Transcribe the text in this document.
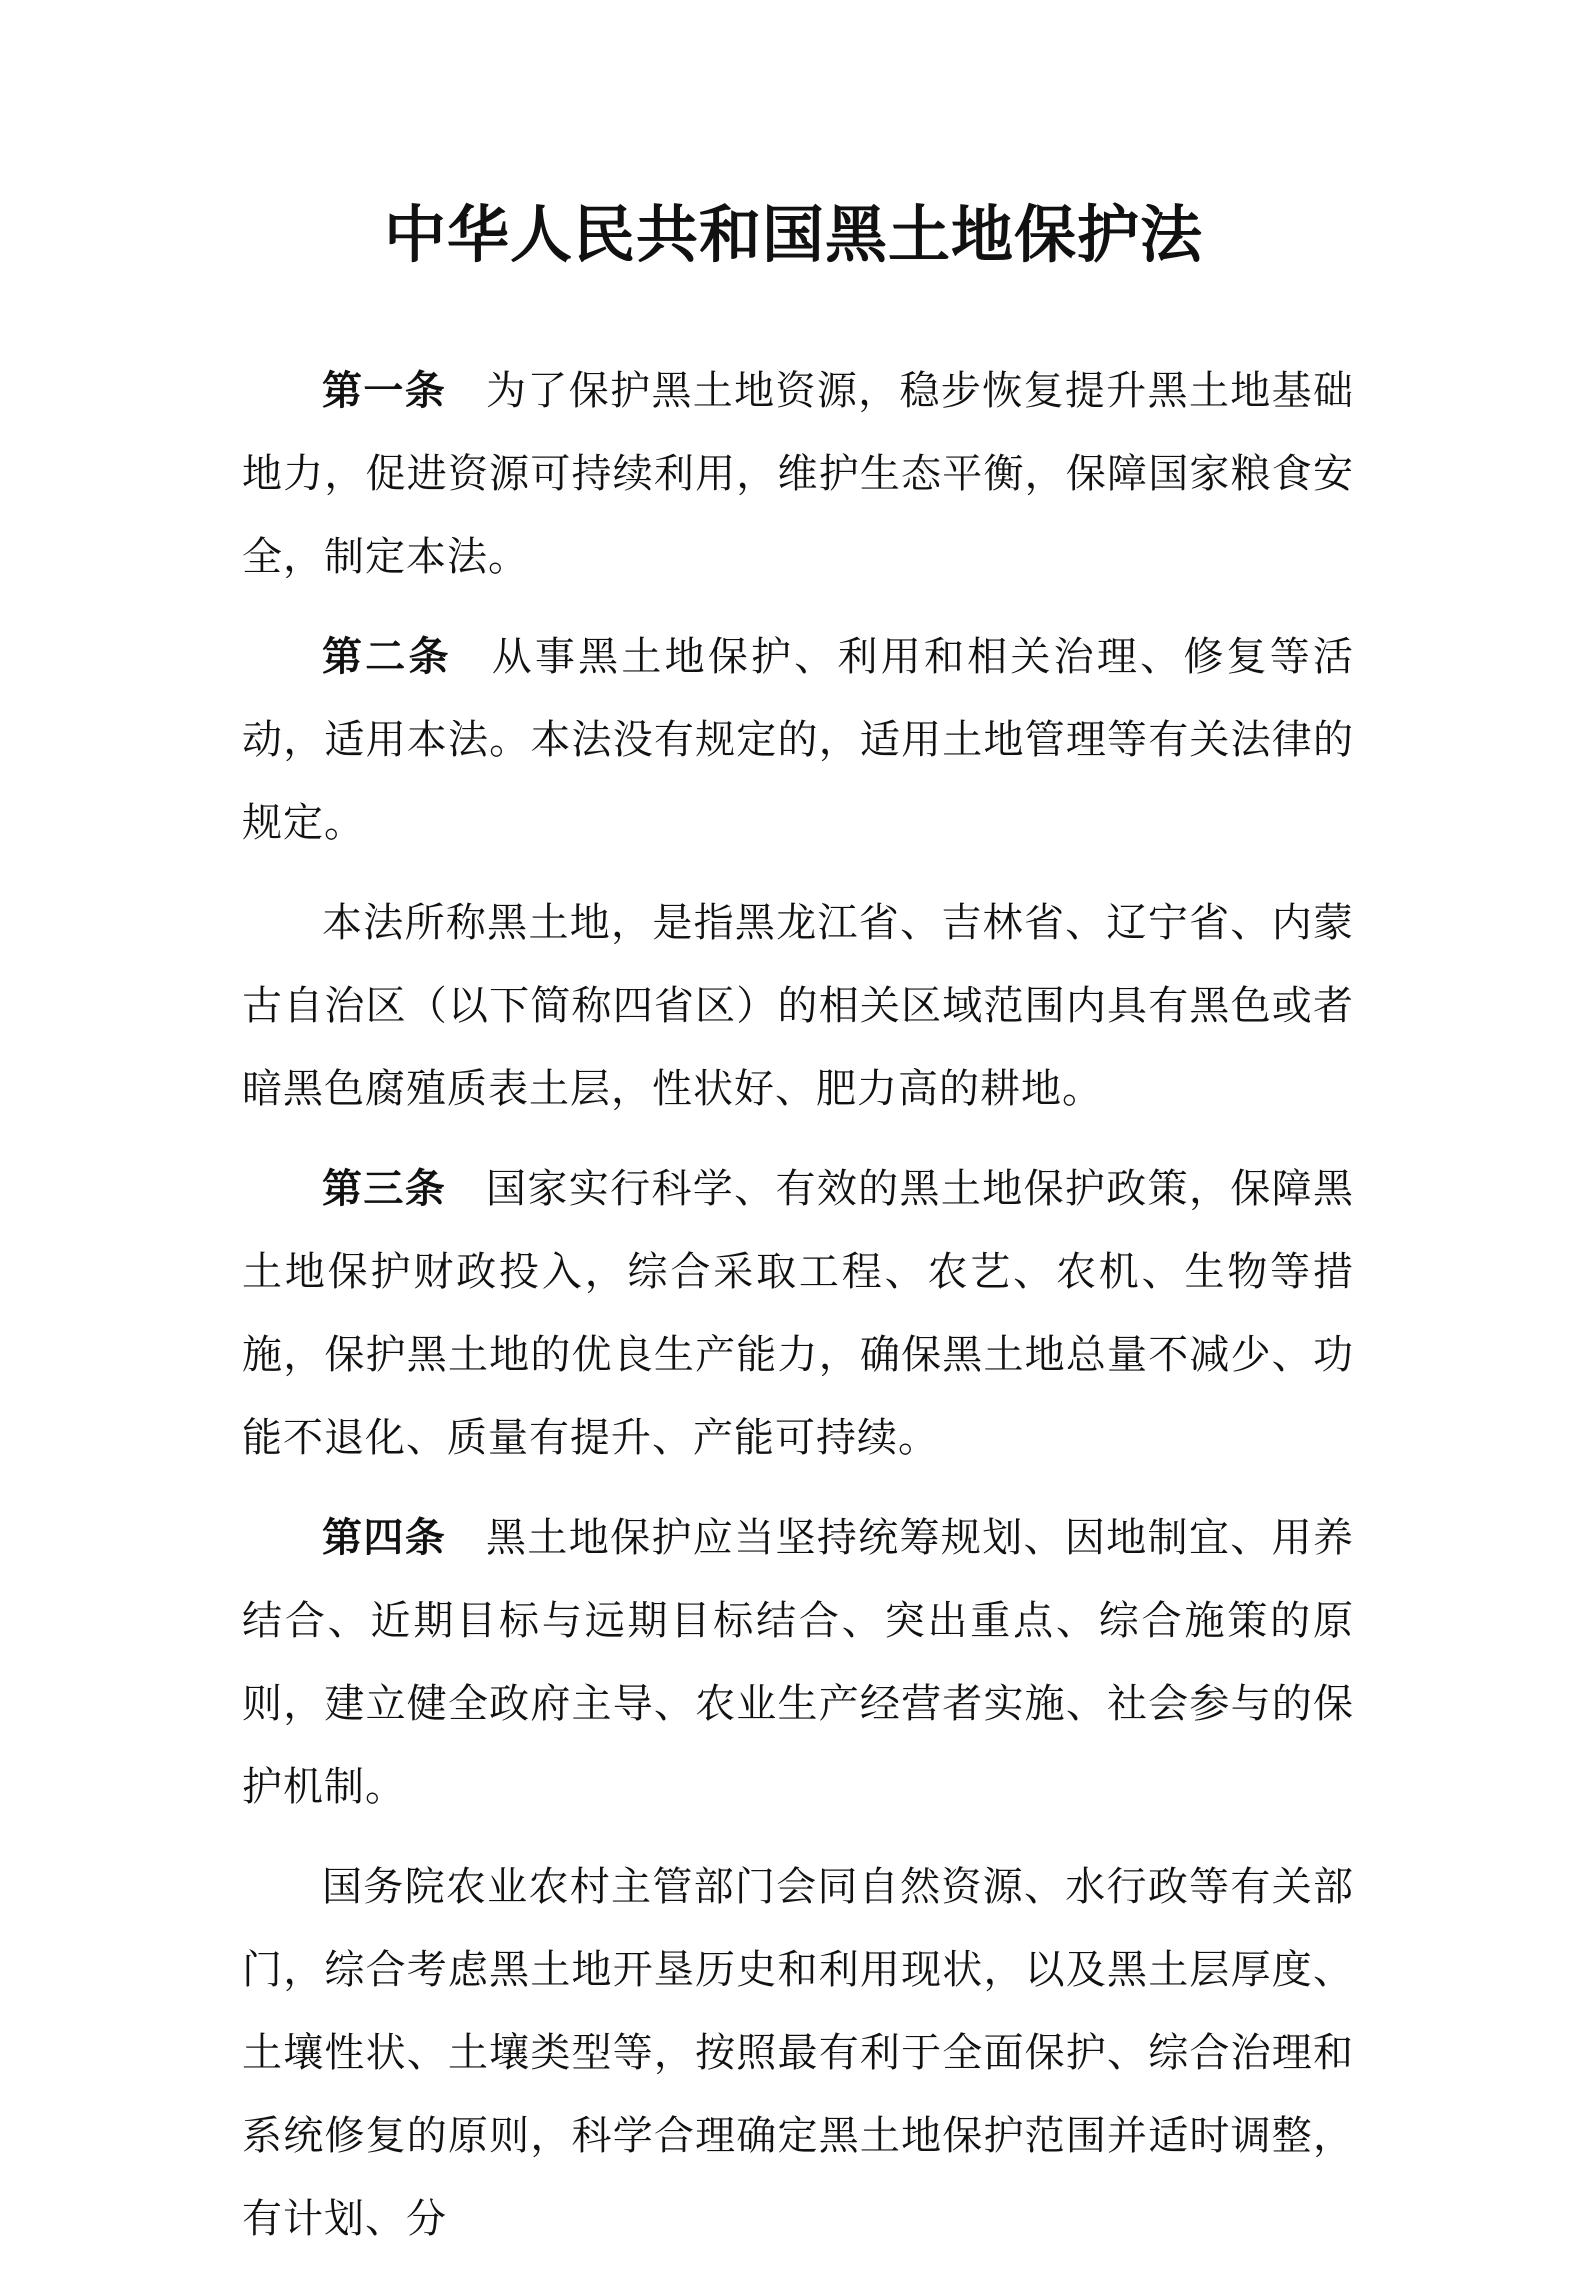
中华人民共和国黑土地保护法

第一条 为了保护黑土地资源，稳步恢复提升黑土地基础地力，促进资源可持续利用，维护生态平衡，保障国家粮食安全，制定本法。

第二条 从事黑土地保护、利用和相关治理、修复等活动，适用本法。本法没有规定的，适用土地管理等有关法律的规定。

本法所称黑土地，是指黑龙江省、吉林省、辽宁省、内蒙古自治区（以下简称四省区）的相关区域范围内具有黑色或者暗黑色腐殖质表土层，性状好、肥力高的耕地。

第三条 国家实行科学、有效的黑土地保护政策，保障黑土地保护财政投入，综合采取工程、农艺、农机、生物等措施，保护黑土地的优良生产能力，确保黑土地总量不减少、功能不退化、质量有提升、产能可持续。

第四条 黑土地保护应当坚持统筹规划、因地制宜、用养结合、近期目标与远期目标结合、突出重点、综合施策的原则，建立健全政府主导、农业生产经营者实施、社会参与的保护机制。

国务院农业农村主管部门会同自然资源、水行政等有关部门，综合考虑黑土地开垦历史和利用现状，以及黑土层厚度、土壤性状、土壤类型等，按照最有利于全面保护、综合治理和系统修复的原则，科学合理确定黑土地保护范围并适时调整，有计划、分
